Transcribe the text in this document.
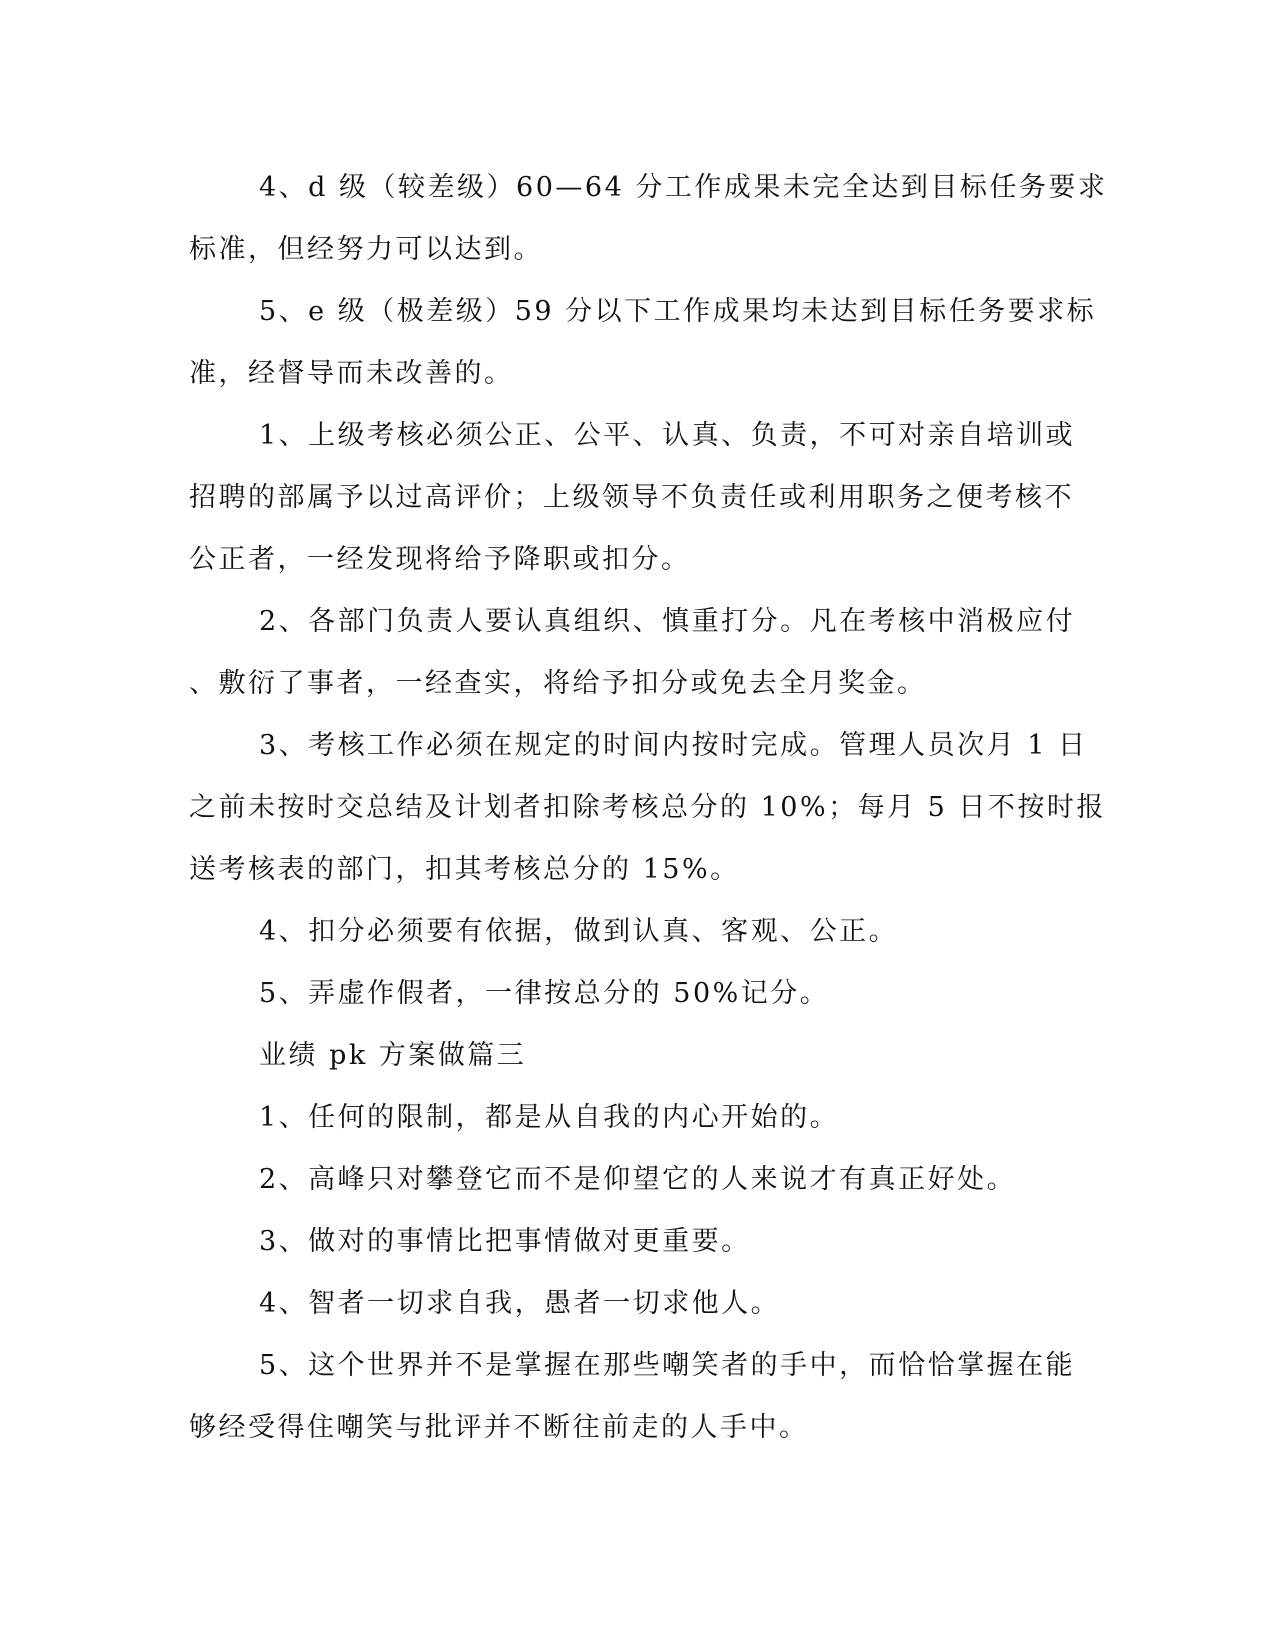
4、d 级（较差级）60—64 分工作成果未完全达到目标任务要求
标准，但经努力可以达到。
5、e 级（极差级）59 分以下工作成果均未达到目标任务要求标
准，经督导而未改善的。
1、上级考核必须公正、公平、认真、负责，不可对亲自培训或
招聘的部属予以过高评价；上级领导不负责任或利用职务之便考核不
公正者，一经发现将给予降职或扣分。
2、各部门负责人要认真组织、慎重打分。凡在考核中消极应付
、敷衍了事者，一经查实，将给予扣分或免去全月奖金。
3、考核工作必须在规定的时间内按时完成。管理人员次月 1 日
之前未按时交总结及计划者扣除考核总分的 10%；每月 5 日不按时报
送考核表的部门，扣其考核总分的 15%。
4、扣分必须要有依据，做到认真、客观、公正。
5、弄虚作假者，一律按总分的 50%记分。
业绩 pk 方案做篇三
1、任何的限制，都是从自我的内心开始的。
2、高峰只对攀登它而不是仰望它的人来说才有真正好处。
3、做对的事情比把事情做对更重要。
4、智者一切求自我，愚者一切求他人。
5、这个世界并不是掌握在那些嘲笑者的手中，而恰恰掌握在能
够经受得住嘲笑与批评并不断往前走的人手中。
